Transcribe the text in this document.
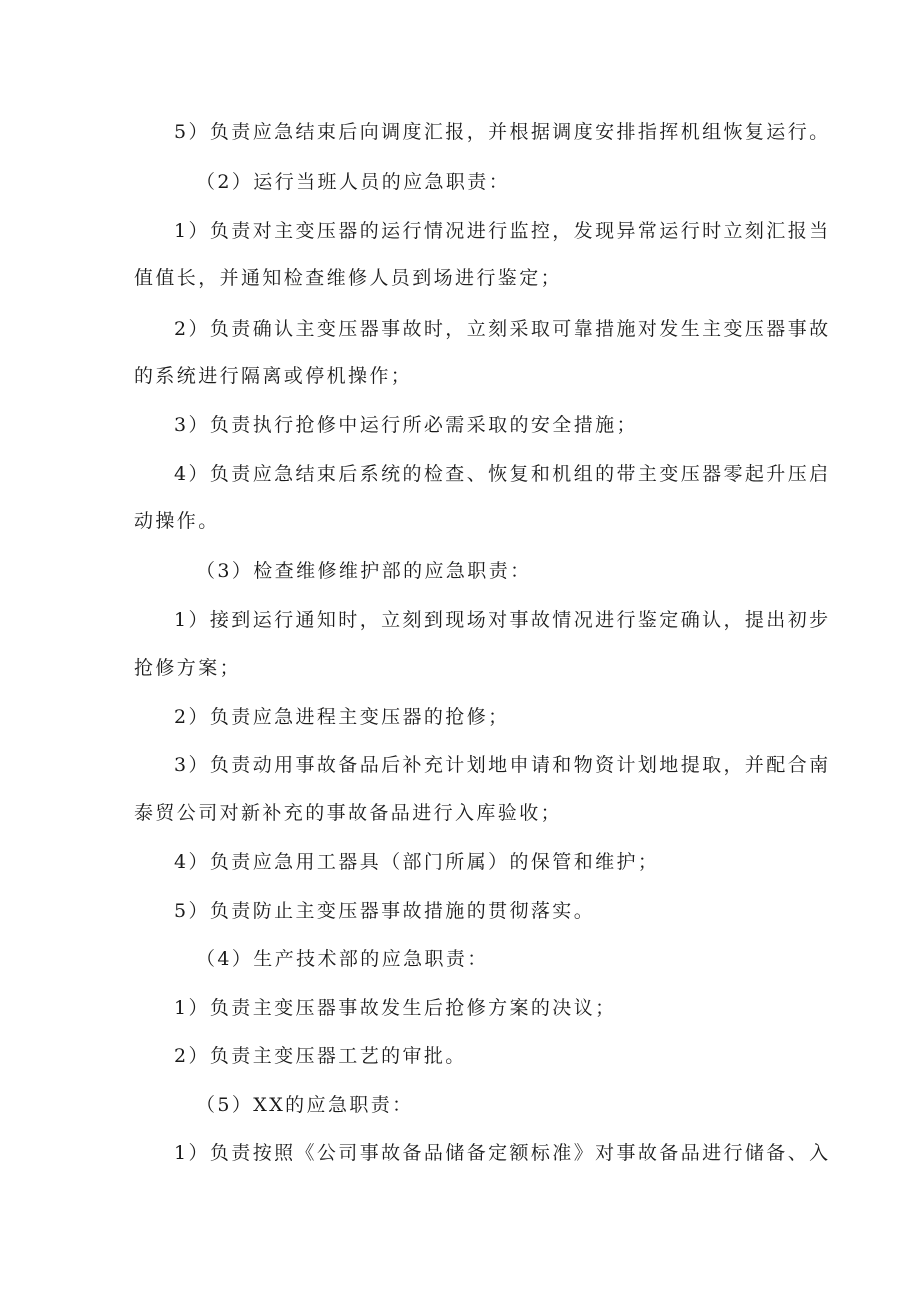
5）负责应急结束后向调度汇报，并根据调度安排指挥机组恢复运行。

（2）运行当班人员的应急职责：

1）负责对主变压器的运行情况进行监控，发现异常运行时立刻汇报当

值值长，并通知检查维修人员到场进行鉴定；

2）负责确认主变压器事故时，立刻采取可靠措施对发生主变压器事故

的系统进行隔离或停机操作；

3）负责执行抢修中运行所必需采取的安全措施；

4）负责应急结束后系统的检查、恢复和机组的带主变压器零起升压启

动操作。

（3）检查维修维护部的应急职责：

1）接到运行通知时，立刻到现场对事故情况进行鉴定确认，提出初步

抢修方案；

2）负责应急进程主变压器的抢修；

3）负责动用事故备品后补充计划地申请和物资计划地提取，并配合南

泰贸公司对新补充的事故备品进行入库验收；

4）负责应急用工器具（部门所属）的保管和维护；

5）负责防止主变压器事故措施的贯彻落实。

（4）生产技术部的应急职责：

1）负责主变压器事故发生后抢修方案的决议；

2）负责主变压器工艺的审批。

（5）XX的应急职责：

1）负责按照《公司事故备品储备定额标准》对事故备品进行储备、入
